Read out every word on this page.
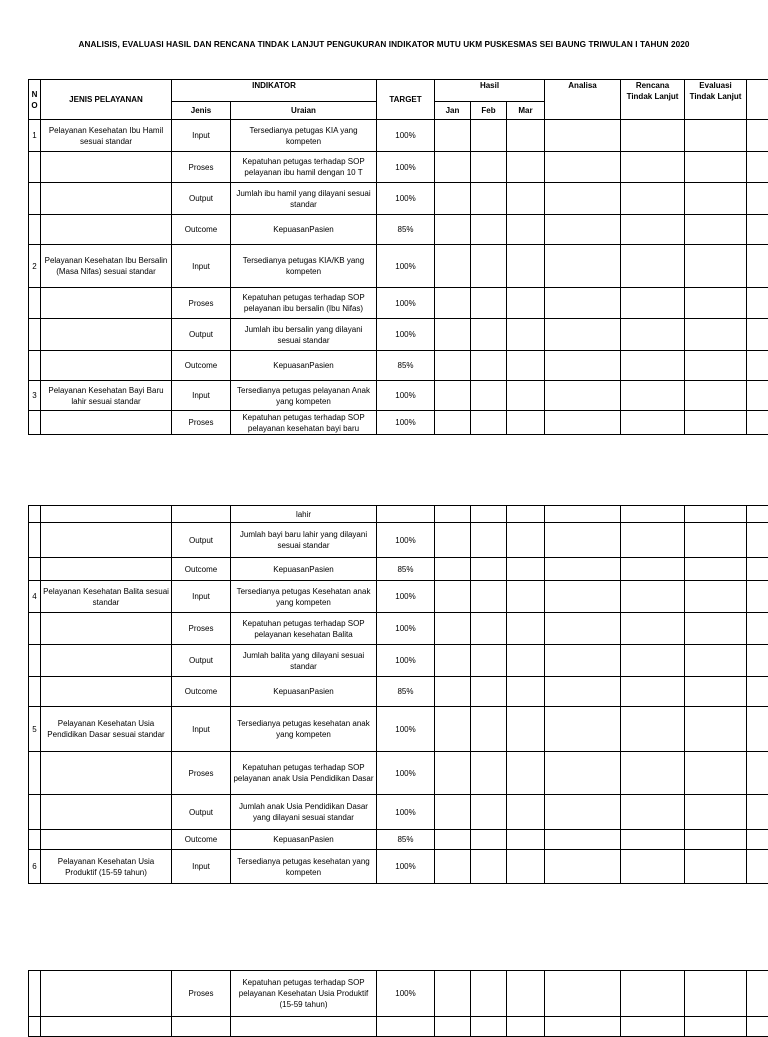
ANALISIS, EVALUASI HASIL DAN RENCANA TINDAK LANJUT PENGUKURAN INDIKATOR MUTU UKM PUSKESMAS SEI BAUNG TRIWULAN I TAHUN 2020
N O	JENIS PELAYANAN	INDIKATOR		TARGET	Hasil			Analisa	Rencana Tindak Lanjut	Evaluasi Tindak Lanjut	
		Jenis	Uraian		Jan	Feb	Mar				
1	Pelayanan Kesehatan Ibu Hamil sesuai standar	Input	Tersedianya petugas KIA yang kompeten	100%							
		Proses	Kepatuhan petugas terhadap SOP pelayanan ibu hamil dengan 10 T	100%							
		Output	Jumlah ibu hamil yang dilayani sesuai standar	100%							
		Outcome	KepuasanPasien	85%							
2	Pelayanan Kesehatan Ibu Bersalin (Masa Nifas) sesuai standar	Input	Tersedianya petugas KIA/KB yang kompeten	100%							
		Proses	Kepatuhan petugas terhadap SOP pelayanan ibu bersalin (Ibu Nifas)	100%							
		Output	Jumlah ibu bersalin yang dilayani sesuai standar	100%							
		Outcome	KepuasanPasien	85%							
3	Pelayanan Kesehatan Bayi Baru lahir sesuai standar	Input	Tersedianya petugas pelayanan Anak yang kompeten	100%							
		Proses	Kepatuhan petugas terhadap SOP pelayanan kesehatan bayi baru	100%							
			lahir								
		Output	Jumlah bayi baru lahir yang dilayani sesuai standar	100%							
		Outcome	KepuasanPasien	85%							
4	Pelayanan Kesehatan Balita sesuai standar	Input	Tersedianya petugas Kesehatan anak yang kompeten	100%							
		Proses	Kepatuhan petugas terhadap SOP pelayanan kesehatan Balita	100%							
		Output	Jumlah balita yang dilayani sesuai standar	100%							
		Outcome	KepuasanPasien	85%							
5	Pelayanan Kesehatan Usia Pendidikan Dasar sesuai standar	Input	Tersedianya petugas kesehatan anak yang kompeten	100%							
		Proses	Kepatuhan petugas terhadap SOP pelayanan anak Usia Pendidikan Dasar	100%							
		Output	Jumlah anak Usia Pendidikan Dasar yang dilayani sesuai standar	100%							
		Outcome	KepuasanPasien	85%							
6	Pelayanan Kesehatan Usia Produktif (15-59 tahun)	Input	Tersedianya petugas kesehatan yang kompeten	100%							
		Proses	Kepatuhan petugas terhadap SOP pelayanan Kesehatan Usia Produktif (15-59 tahun)	100%							
